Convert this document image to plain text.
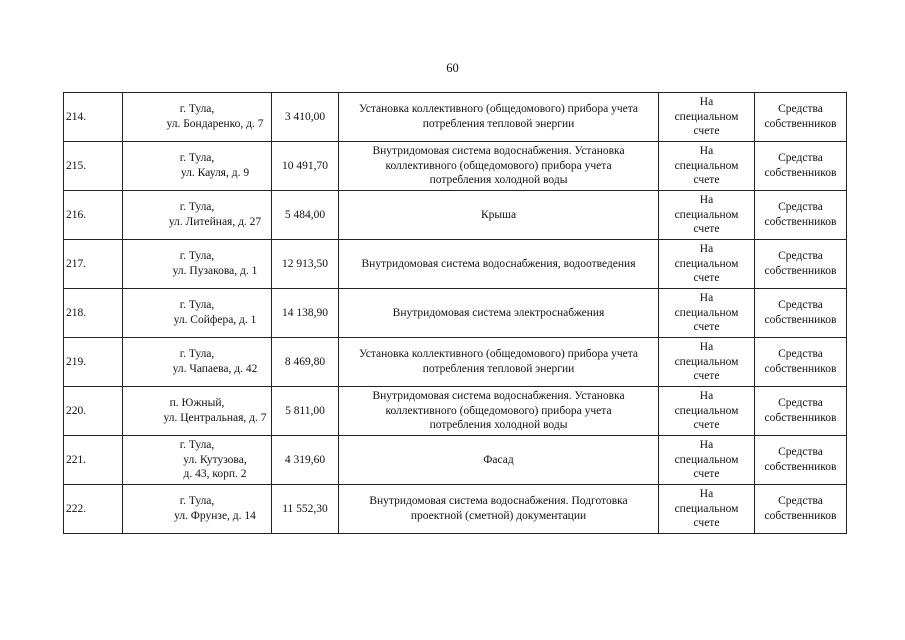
60
214.	г. Тула,
ул. Бондаренко, д. 7	3 410,00	Установка коллективного (общедомового) прибора учета
потребления тепловой энергии	На
специальном
счете	Средства
собственников

215.	г. Тула,
ул. Кауля, д. 9	10 491,70	Внутридомовая система водоснабжения. Установка
коллективного (общедомового) прибора учета
потребления холодной воды	На
специальном
счете	Средства
собственников

216.	г. Тула,
ул. Литейная, д. 27	5 484,00	Крыша	На
специальном
счете	Средства
собственников

217.	г. Тула,
ул. Пузакова, д. 1	12 913,50	Внутридомовая система водоснабжения, водоотведения	На
специальном
счете	Средства
собственников

218.	г. Тула,
ул. Сойфера, д. 1	14 138,90	Внутридомовая система электроснабжения	На
специальном
счете	Средства
собственников

219.	г. Тула,
ул. Чапаева, д. 42	8 469,80	Установка коллективного (общедомового) прибора учета
потребления тепловой энергии	На
специальном
счете	Средства
собственников

220.	п. Южный,
ул. Центральная, д. 7	5 811,00	Внутридомовая система водоснабжения. Установка
коллективного (общедомового) прибора учета
потребления холодной воды	На
специальном
счете	Средства
собственников

221.	г. Тула,
ул. Кутузова,
д. 43, корп. 2	4 319,60	Фасад	На
специальном
счете	Средства
собственников

222.	г. Тула,
ул. Фрунзе, д. 14	11 552,30	Внутридомовая система водоснабжения. Подготовка
проектной (сметной) документации	На
специальном
счете	Средства
собственников
